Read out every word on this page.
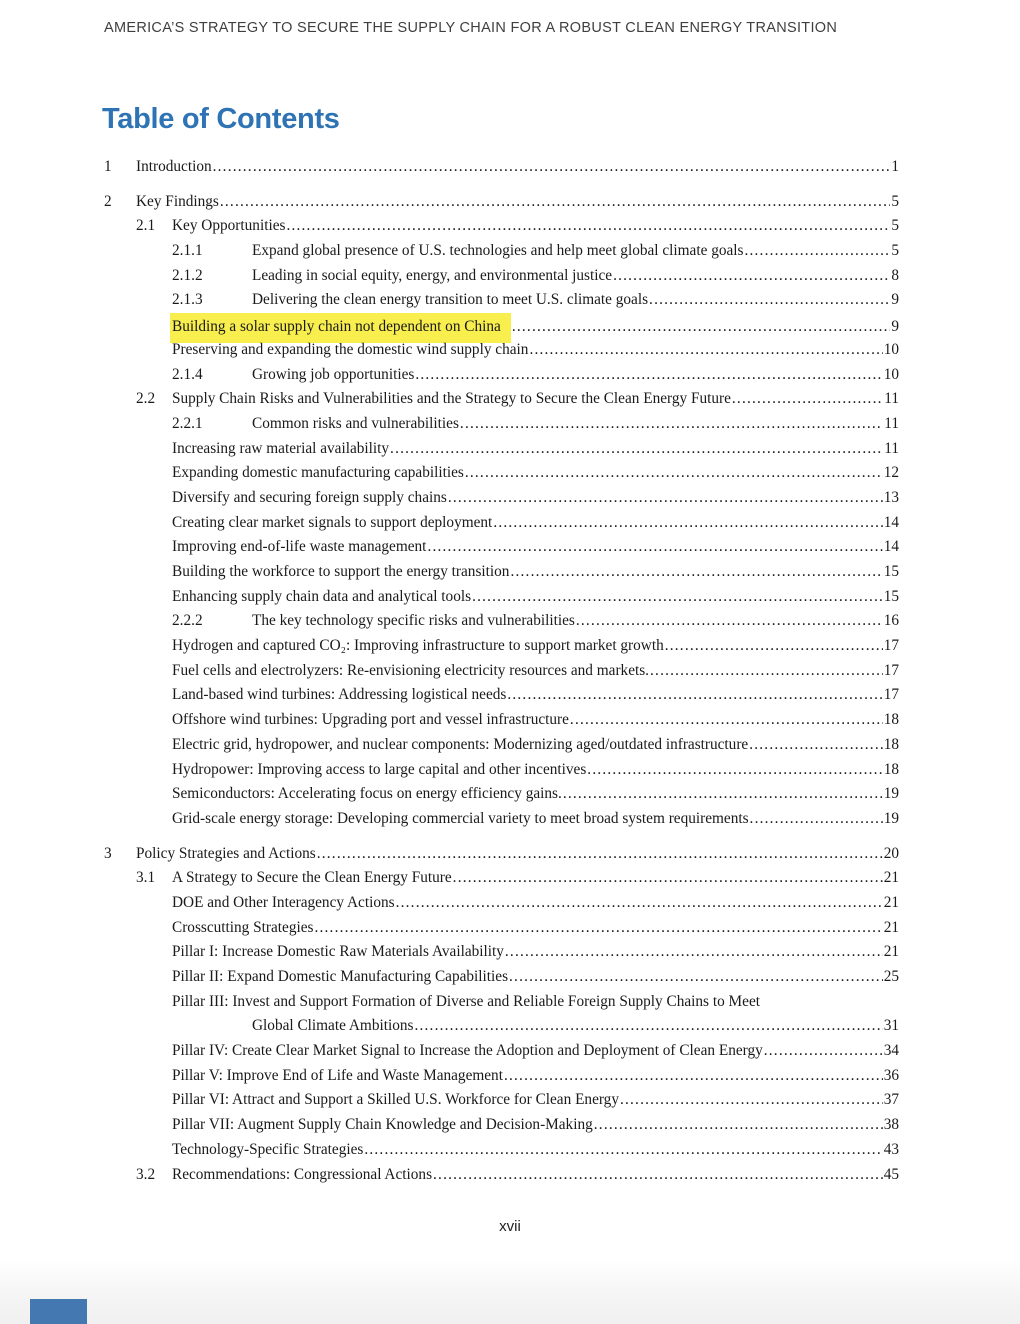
AMERICA’S STRATEGY TO SECURE THE SUPPLY CHAIN FOR A ROBUST CLEAN ENERGY TRANSITION
Table of Contents
1	Introduction .....	1
2	Key Findings .....	5
2.1	Key Opportunities .....	5
2.1.1	Expand global presence of U.S. technologies and help meet global climate goals .....	5
2.1.2	Leading in social equity, energy, and environmental justice .....	8
2.1.3	Delivering the clean energy transition to meet U.S. climate goals .....	9
Building a solar supply chain not dependent on China .....	9
Preserving and expanding the domestic wind supply chain .....	10
2.1.4	Growing job opportunities .....	10
2.2	Supply Chain Risks and Vulnerabilities and the Strategy to Secure the Clean Energy Future .....	11
2.2.1	Common risks and vulnerabilities .....	11
Increasing raw material availability .....	11
Expanding domestic manufacturing capabilities .....	12
Diversify and securing foreign supply chains .....	13
Creating clear market signals to support deployment .....	14
Improving end-of-life waste management .....	14
Building the workforce to support the energy transition .....	15
Enhancing supply chain data and analytical tools .....	15
2.2.2	The key technology specific risks and vulnerabilities .....	16
Hydrogen and captured CO₂: Improving infrastructure to support market growth .....	17
Fuel cells and electrolyzers: Re-envisioning electricity resources and markets. .....	17
Land-based wind turbines: Addressing logistical needs .....	17
Offshore wind turbines: Upgrading port and vessel infrastructure .....	18
Electric grid, hydropower, and nuclear components: Modernizing aged/outdated infrastructure .....	18
Hydropower: Improving access to large capital and other incentives .....	18
Semiconductors: Accelerating focus on energy efficiency gains. .....	19
Grid-scale energy storage: Developing commercial variety to meet broad system requirements .....	19
3	Policy Strategies and Actions .....	20
3.1	A Strategy to Secure the Clean Energy Future .....	21
DOE and Other Interagency Actions .....	21
Crosscutting Strategies .....	21
Pillar I: Increase Domestic Raw Materials Availability .....	21
Pillar II: Expand Domestic Manufacturing Capabilities .....	25
Pillar III: Invest and Support Formation of Diverse and Reliable Foreign Supply Chains to Meet
Global Climate Ambitions .....	31
Pillar IV: Create Clear Market Signal to Increase the Adoption and Deployment of Clean Energy .....	34
Pillar V: Improve End of Life and Waste Management .....	36
Pillar VI: Attract and Support a Skilled U.S. Workforce for Clean Energy .....	37
Pillar VII: Augment Supply Chain Knowledge and Decision-Making .....	38
Technology-Specific Strategies .....	43
3.2	Recommendations: Congressional Actions .....	45
xvii
